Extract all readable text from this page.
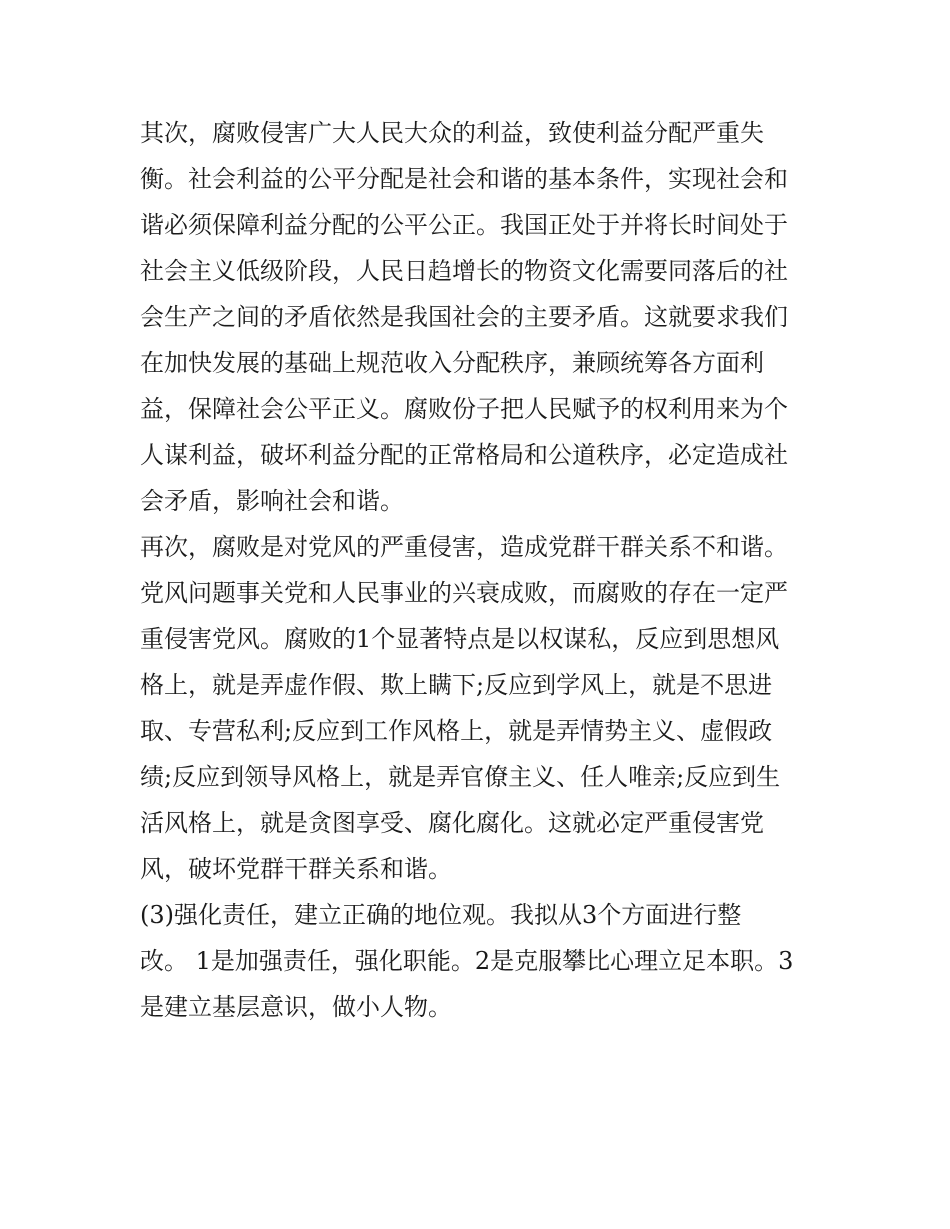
其次，腐败侵害广大人民大众的利益，致使利益分配严重失
衡。社会利益的公平分配是社会和谐的基本条件，实现社会和
谐必须保障利益分配的公平公正。我国正处于并将长时间处于
社会主义低级阶段，人民日趋增长的物资文化需要同落后的社
会生产之间的矛盾依然是我国社会的主要矛盾。这就要求我们
在加快发展的基础上规范收入分配秩序，兼顾统筹各方面利
益，保障社会公平正义。腐败份子把人民赋予的权利用来为个
人谋利益，破坏利益分配的正常格局和公道秩序，必定造成社
会矛盾，影响社会和谐。
再次，腐败是对党风的严重侵害，造成党群干群关系不和谐。
党风问题事关党和人民事业的兴衰成败，而腐败的存在一定严
重侵害党风。腐败的1个显著特点是以权谋私，反应到思想风
格上，就是弄虚作假、欺上瞒下;反应到学风上，就是不思进
取、专营私利;反应到工作风格上，就是弄情势主义、虚假政
绩;反应到领导风格上，就是弄官僚主义、任人唯亲;反应到生
活风格上，就是贪图享受、腐化腐化。这就必定严重侵害党
风，破坏党群干群关系和谐。
(3)强化责任，建立正确的地位观。我拟从3个方面进行整
改。 1是加强责任，强化职能。2是克服攀比心理立足本职。3
是建立基层意识，做小人物。
